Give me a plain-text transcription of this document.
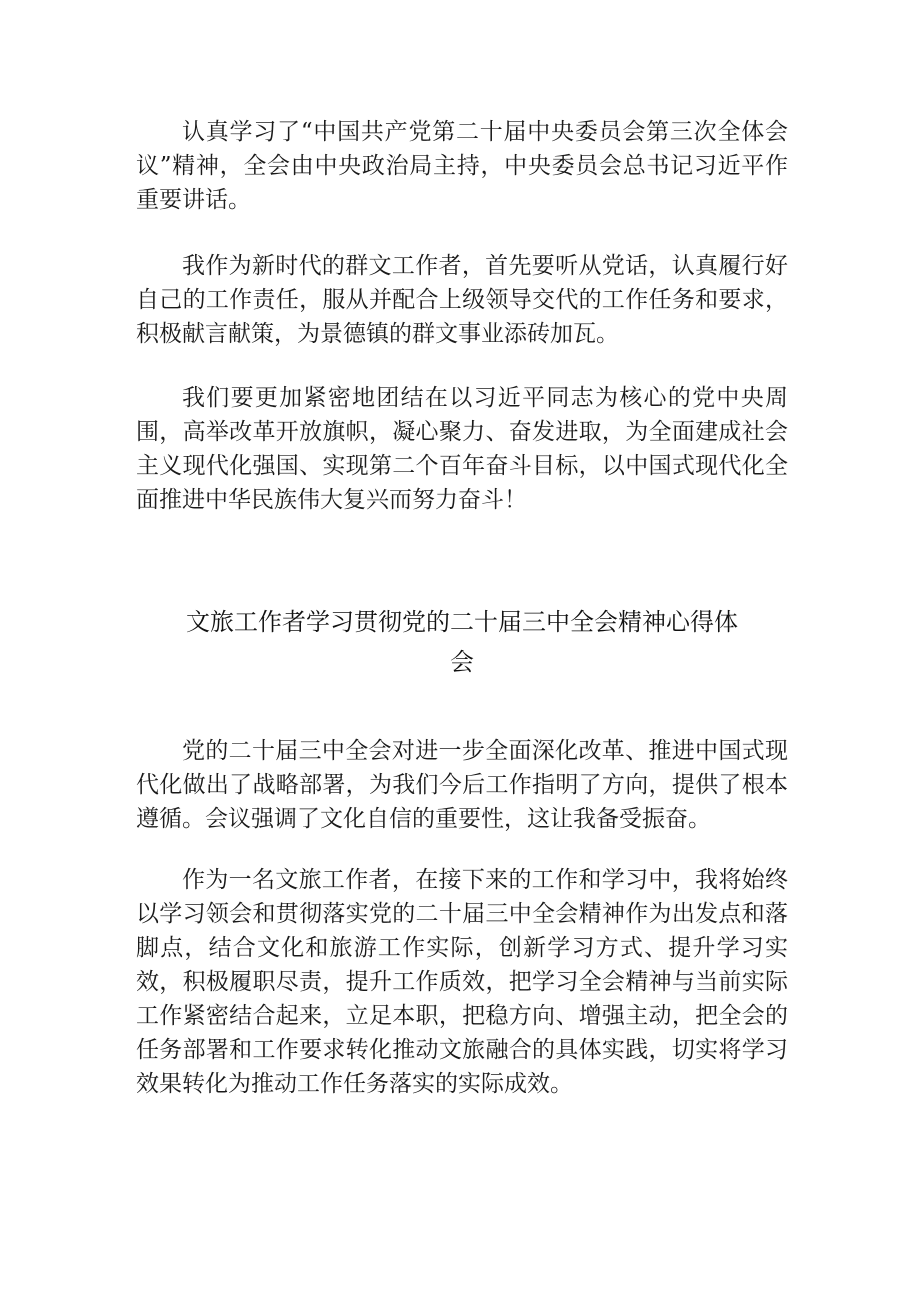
认真学习了“中国共产党第二十届中央委员会第三次全体会议”精神，全会由中央政治局主持，中央委员会总书记习近平作重要讲话。

我作为新时代的群文工作者，首先要听从党话，认真履行好自己的工作责任，服从并配合上级领导交代的工作任务和要求，积极献言献策，为景德镇的群文事业添砖加瓦。

我们要更加紧密地团结在以习近平同志为核心的党中央周围，高举改革开放旗帜，凝心聚力、奋发进取，为全面建成社会主义现代化强国、实现第二个百年奋斗目标，以中国式现代化全面推进中华民族伟大复兴而努力奋斗！

文旅工作者学习贯彻党的二十届三中全会精神心得体
会

党的二十届三中全会对进一步全面深化改革、推进中国式现代化做出了战略部署，为我们今后工作指明了方向，提供了根本遵循。会议强调了文化自信的重要性，这让我备受振奋。

作为一名文旅工作者，在接下来的工作和学习中，我将始终以学习领会和贯彻落实党的二十届三中全会精神作为出发点和落脚点，结合文化和旅游工作实际，创新学习方式、提升学习实效，积极履职尽责，提升工作质效，把学习全会精神与当前实际工作紧密结合起来，立足本职，把稳方向、增强主动，把全会的任务部署和工作要求转化推动文旅融合的具体实践，切实将学习效果转化为推动工作任务落实的实际成效。
